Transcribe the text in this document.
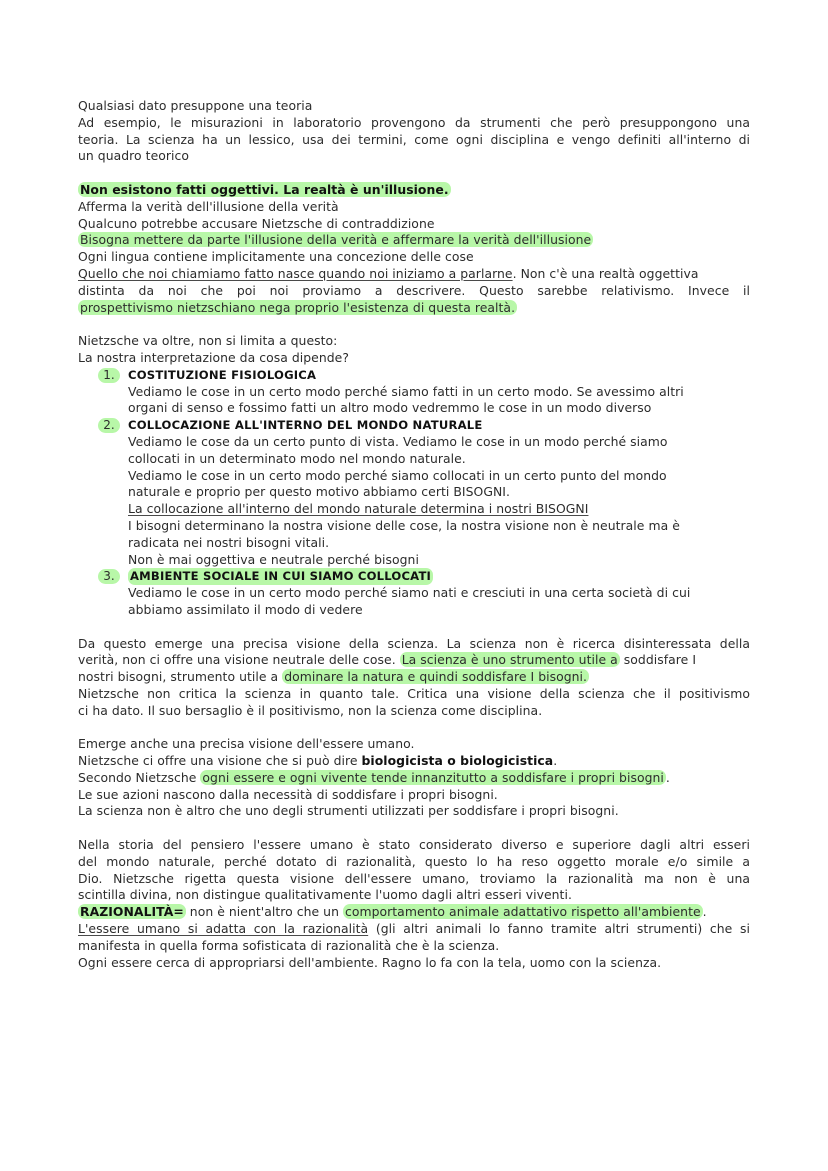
Qualsiasi dato presuppone una teoria
Ad esempio, le misurazioni in laboratorio provengono da strumenti che però presuppongono una
teoria. La scienza ha un lessico, usa dei termini, come ogni disciplina e vengo definiti all'interno di
un quadro teorico
Non esistono fatti oggettivi. La realtà è un'illusione.
Afferma la verità dell'illusione della verità
Qualcuno potrebbe accusare Nietzsche di contraddizione
Bisogna mettere da parte l'illusione della verità e affermare la verità dell'illusione
Ogni lingua contiene implicitamente una concezione delle cose
Quello che noi chiamiamo fatto nasce quando noi iniziamo a parlarne. Non c'è una realtà oggettiva
distinta da noi che poi noi proviamo a descrivere. Questo sarebbe relativismo. Invece il
prospettivismo nietzschiano nega proprio l'esistenza di questa realtà.
Nietzsche va oltre, non si limita a questo:
La nostra interpretazione da cosa dipende?
1.	COSTITUZIONE FISIOLOGICA
Vediamo le cose in un certo modo perché siamo fatti in un certo modo. Se avessimo altri
organi di senso e fossimo fatti un altro modo vedremmo le cose in un modo diverso
2.	COLLOCAZIONE ALL'INTERNO DEL MONDO NATURALE
Vediamo le cose da un certo punto di vista. Vediamo le cose in un modo perché siamo
collocati in un determinato modo nel mondo naturale.
Vediamo le cose in un certo modo perché siamo collocati in un certo punto del mondo
naturale e proprio per questo motivo abbiamo certi BISOGNI.
La collocazione all'interno del mondo naturale determina i nostri BISOGNI
I bisogni determinano la nostra visione delle cose, la nostra visione non è neutrale ma è
radicata nei nostri bisogni vitali.
Non è mai oggettiva e neutrale perché bisogni
3.	AMBIENTE SOCIALE IN CUI SIAMO COLLOCATI
Vediamo le cose in un certo modo perché siamo nati e cresciuti in una certa società di cui
abbiamo assimilato il modo di vedere
Da questo emerge una precisa visione della scienza. La scienza non è ricerca disinteressata della
verità, non ci offre una visione neutrale delle cose. La scienza è uno strumento utile a soddisfare I
nostri bisogni, strumento utile a dominare la natura e quindi soddisfare I bisogni.
Nietzsche non critica la scienza in quanto tale. Critica una visione della scienza che il positivismo
ci ha dato. Il suo bersaglio è il positivismo, non la scienza come disciplina.
Emerge anche una precisa visione dell'essere umano.
Nietzsche ci offre una visione che si può dire biologicista o biologicistica.
Secondo Nietzsche ogni essere e ogni vivente tende innanzitutto a soddisfare i propri bisogni .
Le sue azioni nascono dalla necessità di soddisfare i propri bisogni.
La scienza non è altro che uno degli strumenti utilizzati per soddisfare i propri bisogni.
Nella storia del pensiero l'essere umano è stato considerato diverso e superiore dagli altri esseri
del mondo naturale, perché dotato di razionalità, questo lo ha reso oggetto morale e/o simile a
Dio. Nietzsche rigetta questa visione dell'essere umano, troviamo la razionalità ma non è una
scintilla divina, non distingue qualitativamente l'uomo dagli altri esseri viventi.
RAZIONALITÀ= non è nient'altro che un comportamento animale adattativo rispetto all'ambiente .
L'essere umano si adatta con la razionalità (gli altri animali lo fanno tramite altri strumenti) che si
manifesta in quella forma sofisticata di razionalità che è la scienza.
Ogni essere cerca di appropriarsi dell'ambiente. Ragno lo fa con la tela, uomo con la scienza.
